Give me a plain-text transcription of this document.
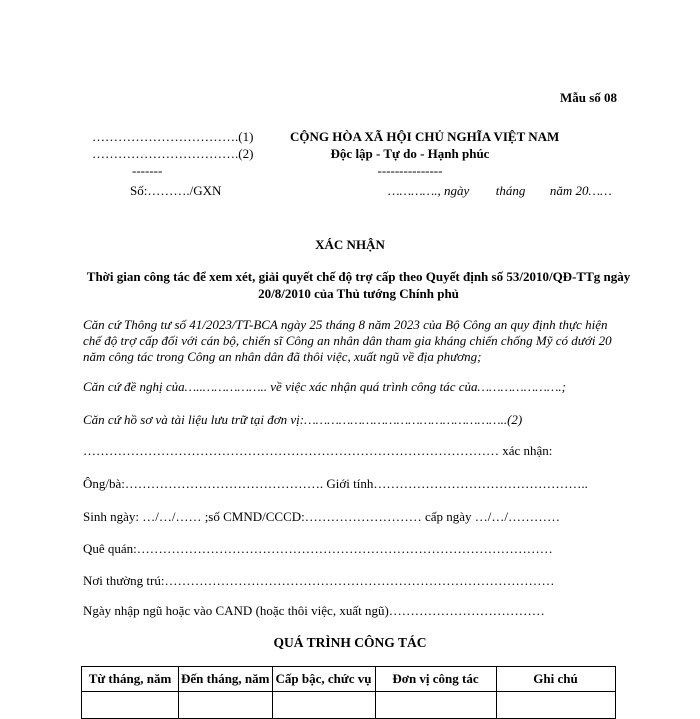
Mẫu số 08
…………………………….(1)
…………………………….(2)
-------
CỘNG HÒA XÃ HỘI CHỦ NGHĨA VIỆT NAM
Độc lập - Tự do - Hạnh phúc
---------------
Số:………./GXN	…………., ngày tháng năm 20……
XÁC NHẬN
Thời gian công tác để xem xét, giải quyết chế độ trợ cấp theo Quyết định số 53/2010/QĐ-TTg ngày 20/8/2010 của Thủ tướng Chính phủ
Căn cứ Thông tư số 41/2023/TT-BCA ngày 25 tháng 8 năm 2023 của Bộ Công an quy định thực hiện chế độ trợ cấp đối với cán bộ, chiến sĩ Công an nhân dân tham gia kháng chiến chống Mỹ có dưới 20 năm công tác trong Công an nhân dân đã thôi việc, xuất ngũ về địa phương;
Căn cứ đề nghị của…..…………….. về việc xác nhận quá trình công tác của………………….;
Căn cứ hồ sơ và tài liệu lưu trữ tại đơn vị:……………………………………………..(2)
…………………………………………………………………………………… xác nhận:
Ông/bà:………………………………………. Giới tính…………………………………………..
Sinh ngày: …/…/…… ;số CMND/CCCD:……………………… cấp ngày …/…/…………
Quê quán:……………………………………………………………………………………
Nơi thường trú:………………………………………………………………………………
Ngày nhập ngũ hoặc vào CAND (hoặc thôi việc, xuất ngũ)………………………………
QUÁ TRÌNH CÔNG TÁC
Từ tháng, năm	Đến tháng, năm	Cấp bậc, chức vụ	Đơn vị công tác	Ghi chú
